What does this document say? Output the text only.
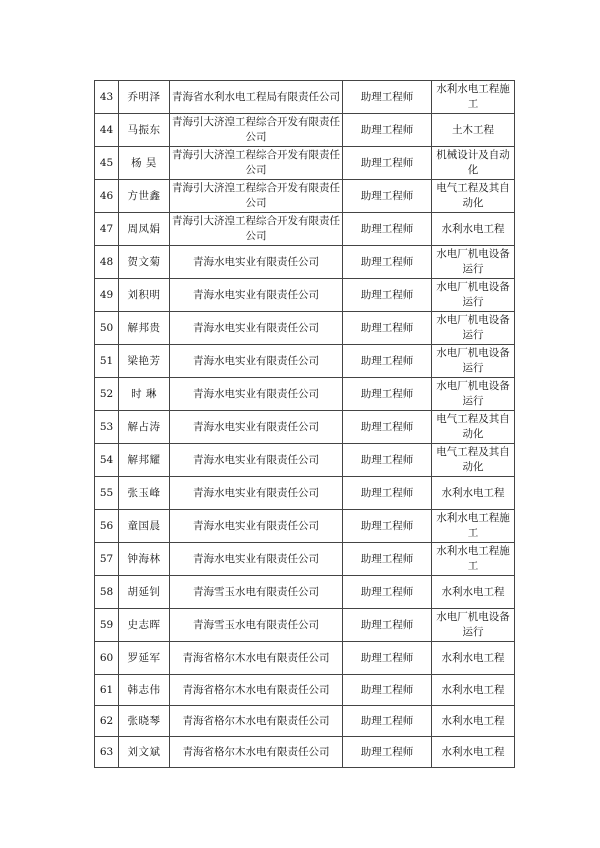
43	乔明泽	青海省水利水电工程局有限责任公司	助理工程师	水利水电工程施工
44	马振东	青海引大济湟工程综合开发有限责任公司	助理工程师	土木工程
45	杨 昊	青海引大济湟工程综合开发有限责任公司	助理工程师	机械设计及自动化
46	方世鑫	青海引大济湟工程综合开发有限责任公司	助理工程师	电气工程及其自动化
47	周凤娟	青海引大济湟工程综合开发有限责任公司	助理工程师	水利水电工程
48	贺文菊	青海水电实业有限责任公司	助理工程师	水电厂机电设备运行
49	刘积明	青海水电实业有限责任公司	助理工程师	水电厂机电设备运行
50	解邦贵	青海水电实业有限责任公司	助理工程师	水电厂机电设备运行
51	梁艳芳	青海水电实业有限责任公司	助理工程师	水电厂机电设备运行
52	时 琳	青海水电实业有限责任公司	助理工程师	水电厂机电设备运行
53	解占涛	青海水电实业有限责任公司	助理工程师	电气工程及其自动化
54	解邦耀	青海水电实业有限责任公司	助理工程师	电气工程及其自动化
55	张玉峰	青海水电实业有限责任公司	助理工程师	水利水电工程
56	童国晨	青海水电实业有限责任公司	助理工程师	水利水电工程施工
57	钟海林	青海水电实业有限责任公司	助理工程师	水利水电工程施工
58	胡延钊	青海雪玉水电有限责任公司	助理工程师	水利水电工程
59	史志晖	青海雪玉水电有限责任公司	助理工程师	水电厂机电设备运行
60	罗延军	青海省格尔木水电有限责任公司	助理工程师	水利水电工程
61	韩志伟	青海省格尔木水电有限责任公司	助理工程师	水利水电工程
62	张晓琴	青海省格尔木水电有限责任公司	助理工程师	水利水电工程
63	刘文斌	青海省格尔木水电有限责任公司	助理工程师	水利水电工程
